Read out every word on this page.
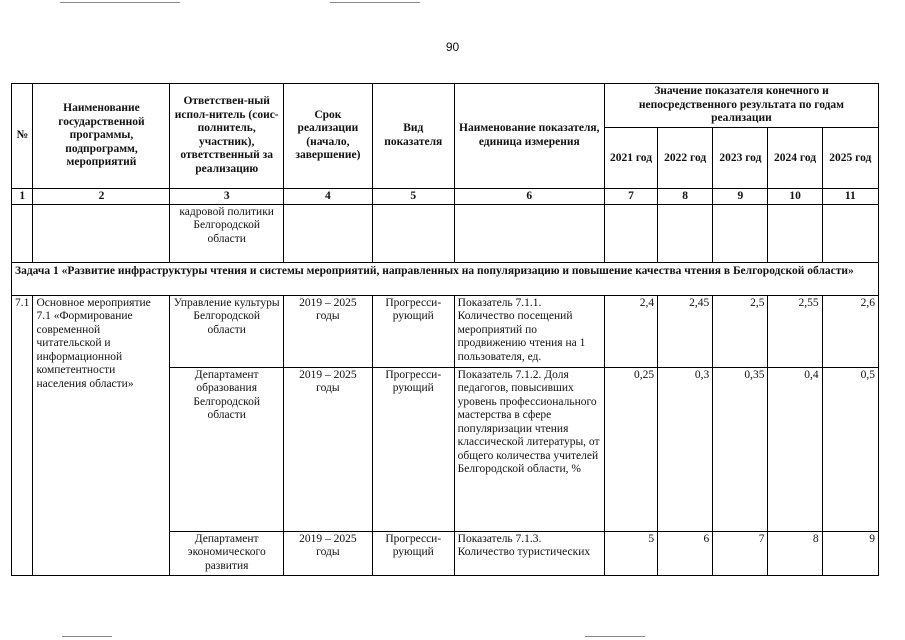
90
№	Наименование государственной программы, подпрограмм, мероприятий	Ответствен-ный испол-нитель (соис-полнитель, участник), ответственный за реализацию	Срок реализации (начало, завершение)	Вид показателя	Наименование показателя, единица измерения	Значение показателя конечного и непосредственного результата по годам реализации				
						2021 год	2022 год	2023 год	2024 год	2025 год
1	2	3	4	5	6	7	8	9	10	11
		кадровой политики Белгородской области								
Задача 1 «Развитие инфраструктуры чтения и системы мероприятий, направленных на популяризацию и повышение качества чтения в Белгородской области»										
7.1	Основное мероприятие 7.1 «Формирование современной читательской и информационной компетентности населения области»	Управление культуры Белгородской области	2019 – 2025 годы	Прогресси-рующий	Показатель 7.1.1. Количество посещений мероприятий по продвижению чтения на 1 пользователя, ед.	2,4	2,45	2,5	2,55	2,6
		Департамент образования Белгородской области	2019 – 2025 годы	Прогресси-рующий	Показатель 7.1.2. Доля педагогов, повысивших уровень профессионального мастерства в сфере популяризации чтения классической литературы, от общего количества учителей Белгородской области, %	0,25	0,3	0,35	0,4	0,5
		Департамент экономического развития	2019 – 2025 годы	Прогресси-рующий	Показатель 7.1.3. Количество туристических	5	6	7	8	9
